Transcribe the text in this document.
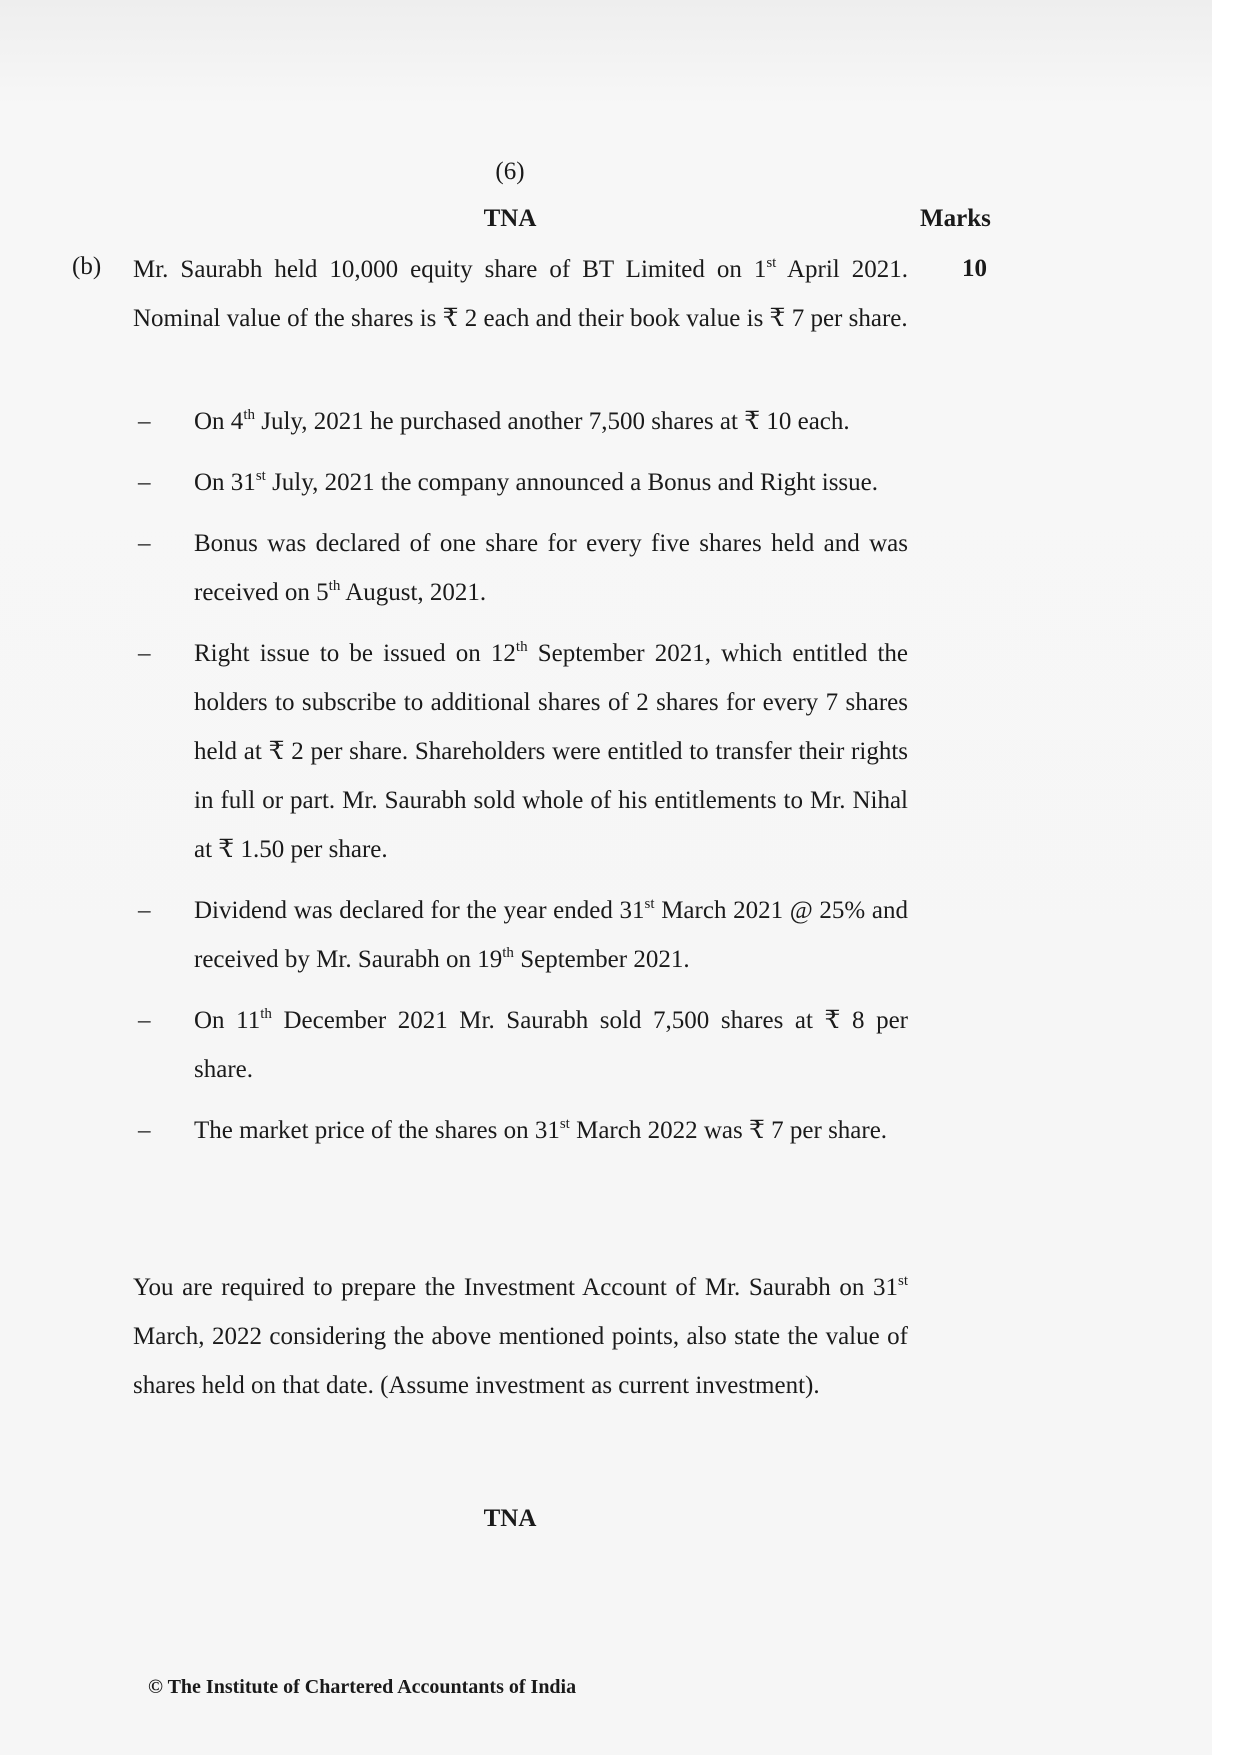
(6)
TNA	Marks
(b)	10
Mr. Saurabh held 10,000 equity share of BT Limited on 1st April 2021. Nominal value of the shares is ₹ 2 each and their book value is ₹ 7 per share.
– On 4th July, 2021 he purchased another 7,500 shares at ₹ 10 each.
– On 31st July, 2021 the company announced a Bonus and Right issue.
– Bonus was declared of one share for every five shares held and was received on 5th August, 2021.
– Right issue to be issued on 12th September 2021, which entitled the holders to subscribe to additional shares of 2 shares for every 7 shares held at ₹ 2 per share. Shareholders were entitled to transfer their rights in full or part. Mr. Saurabh sold whole of his entitlements to Mr. Nihal at ₹ 1.50 per share.
– Dividend was declared for the year ended 31st March 2021 @ 25% and received by Mr. Saurabh on 19th September 2021.
– On 11th December 2021 Mr. Saurabh sold 7,500 shares at ₹ 8 per share.
– The market price of the shares on 31st March 2022 was ₹ 7 per share.
You are required to prepare the Investment Account of Mr. Saurabh on 31st March, 2022 considering the above mentioned points, also state the value of shares held on that date. (Assume investment as current investment).
TNA
© The Institute of Chartered Accountants of India
